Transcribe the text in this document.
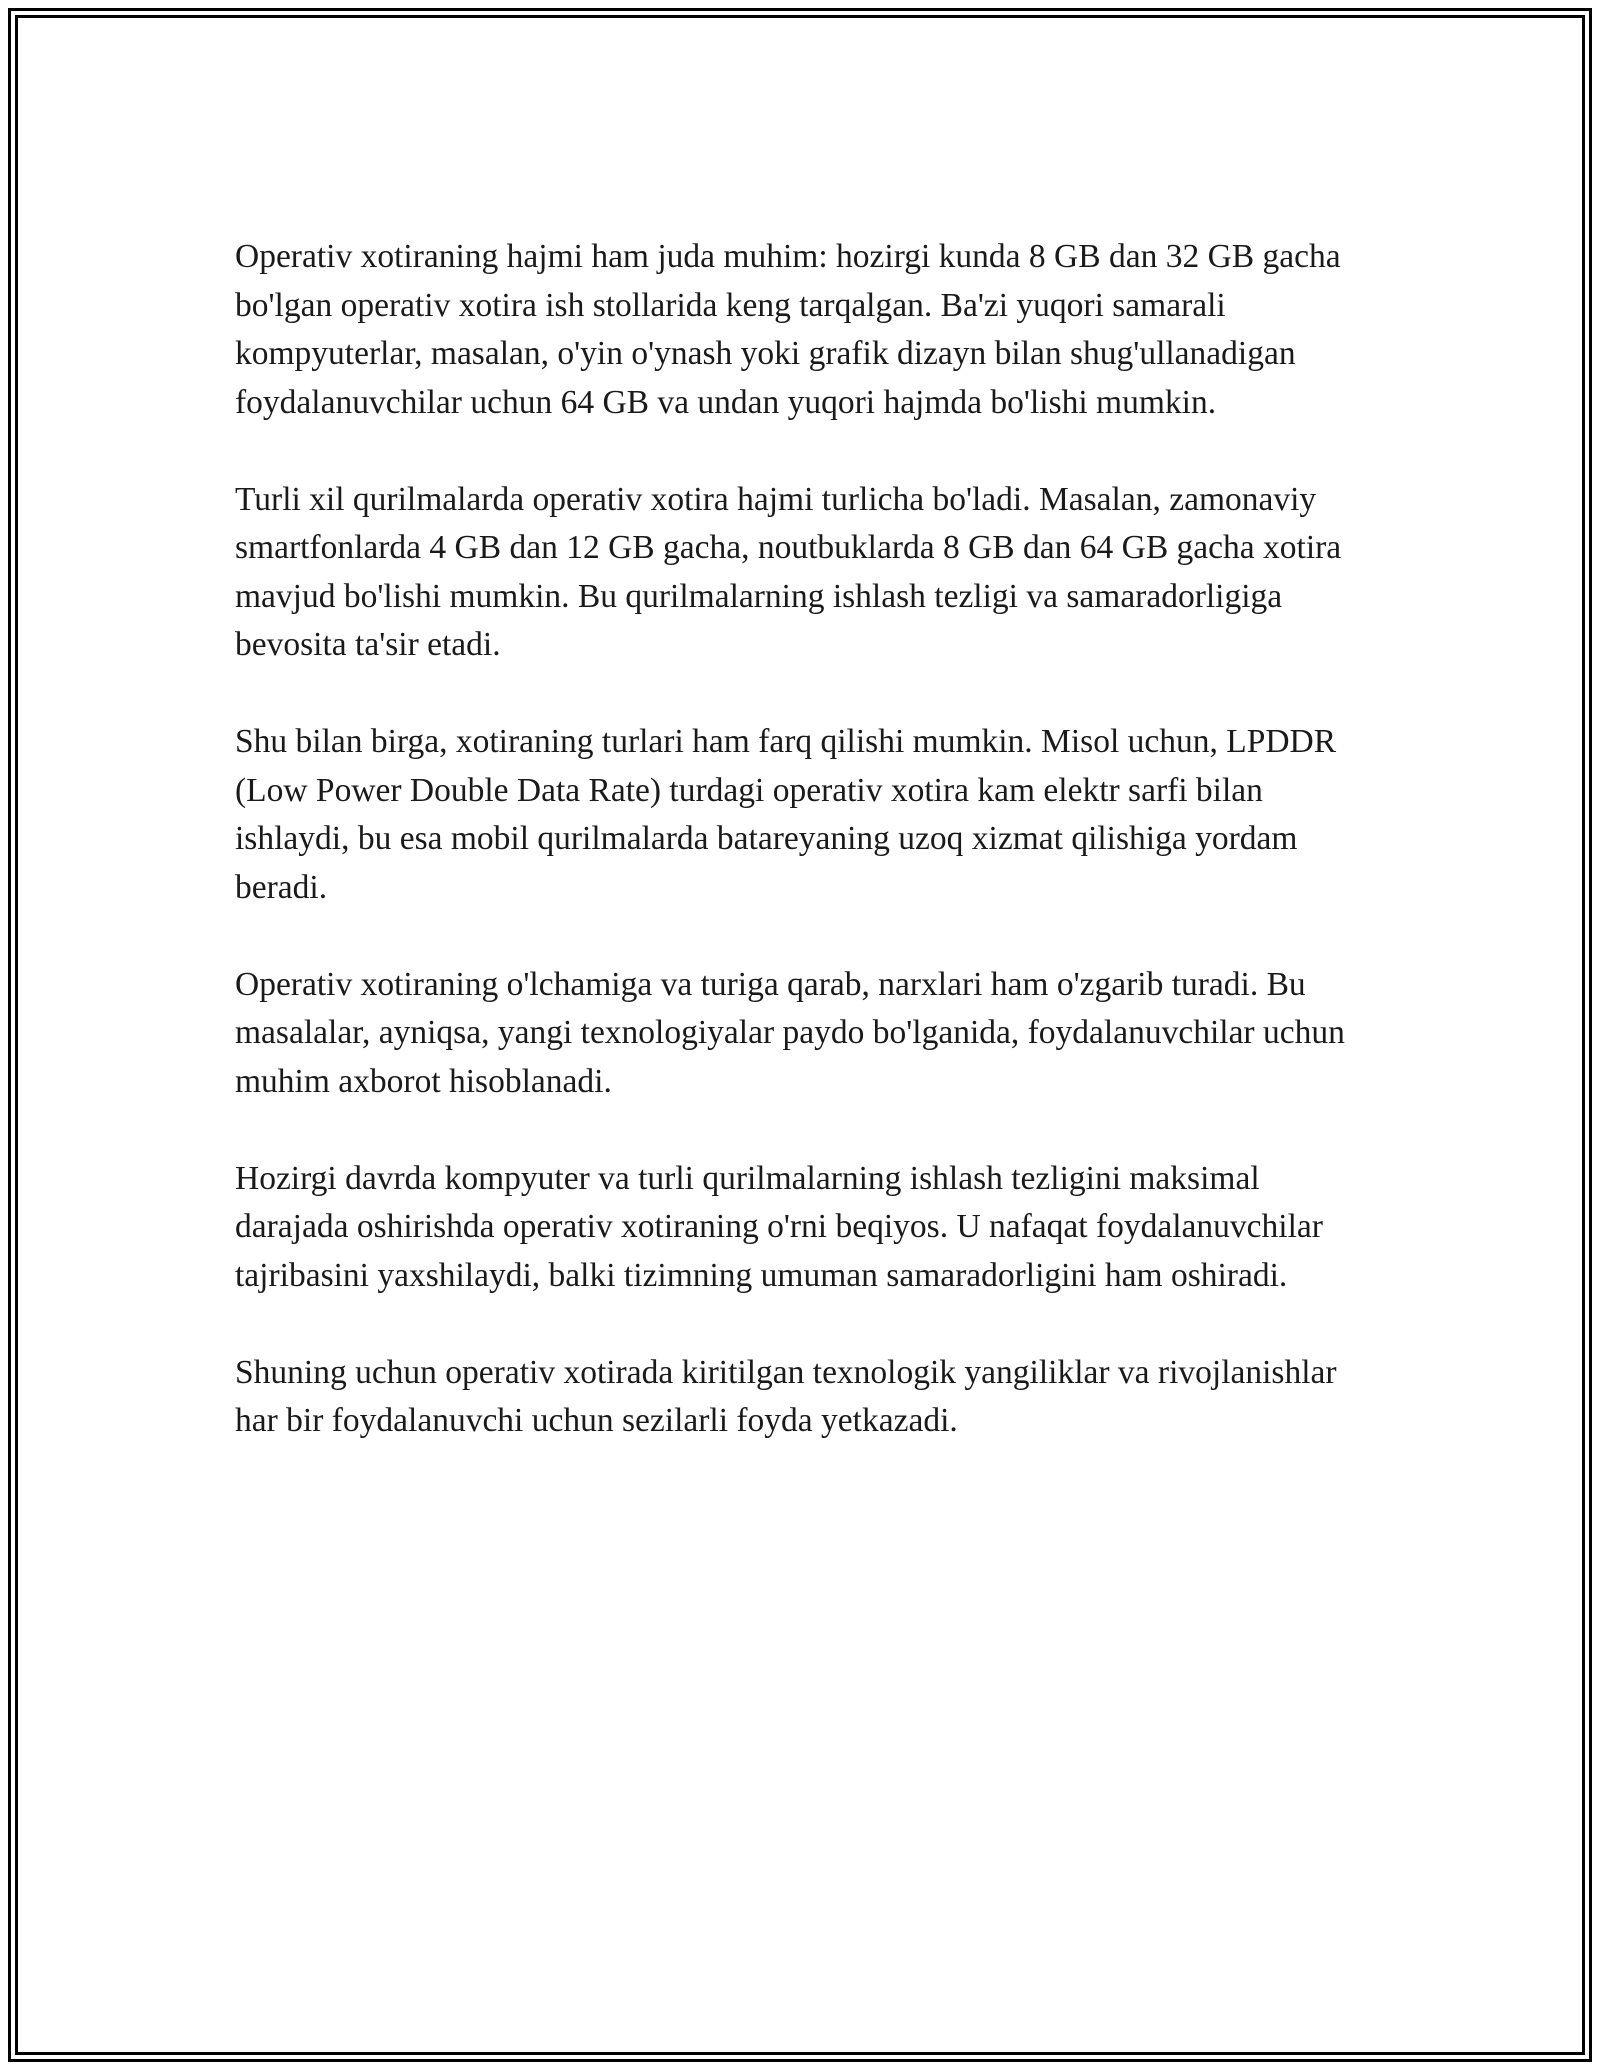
Operativ xotiraning hajmi ham juda muhim: hozirgi kunda 8 GB dan 32 GB gacha bo'lgan operativ xotira ish stollarida keng tarqalgan. Ba'zi yuqori samarali kompyuterlar, masalan, o'yin o'ynash yoki grafik dizayn bilan shug'ullanadigan foydalanuvchilar uchun 64 GB va undan yuqori hajmda bo'lishi mumkin.

Turli xil qurilmalarda operativ xotira hajmi turlicha bo'ladi. Masalan, zamonaviy smartfonlarda 4 GB dan 12 GB gacha, noutbuklarda 8 GB dan 64 GB gacha xotira mavjud bo'lishi mumkin. Bu qurilmalarning ishlash tezligi va samaradorligiga bevosita ta'sir etadi.

Shu bilan birga, xotiraning turlari ham farq qilishi mumkin. Misol uchun, LPDDR (Low Power Double Data Rate) turdagi operativ xotira kam elektr sarfi bilan ishlaydi, bu esa mobil qurilmalarda batareyaning uzoq xizmat qilishiga yordam beradi.

Operativ xotiraning o'lchamiga va turiga qarab, narxlari ham o'zgarib turadi. Bu masalalar, ayniqsa, yangi texnologiyalar paydo bo'lganida, foydalanuvchilar uchun muhim axborot hisoblanadi.

Hozirgi davrda kompyuter va turli qurilmalarning ishlash tezligini maksimal darajada oshirishda operativ xotiraning o'rni beqiyos. U nafaqat foydalanuvchilar tajribasini yaxshilaydi, balki tizimning umuman samaradorligini ham oshiradi.

Shuning uchun operativ xotirada kiritilgan texnologik yangiliklar va rivojlanishlar har bir foydalanuvchi uchun sezilarli foyda yetkazadi.
